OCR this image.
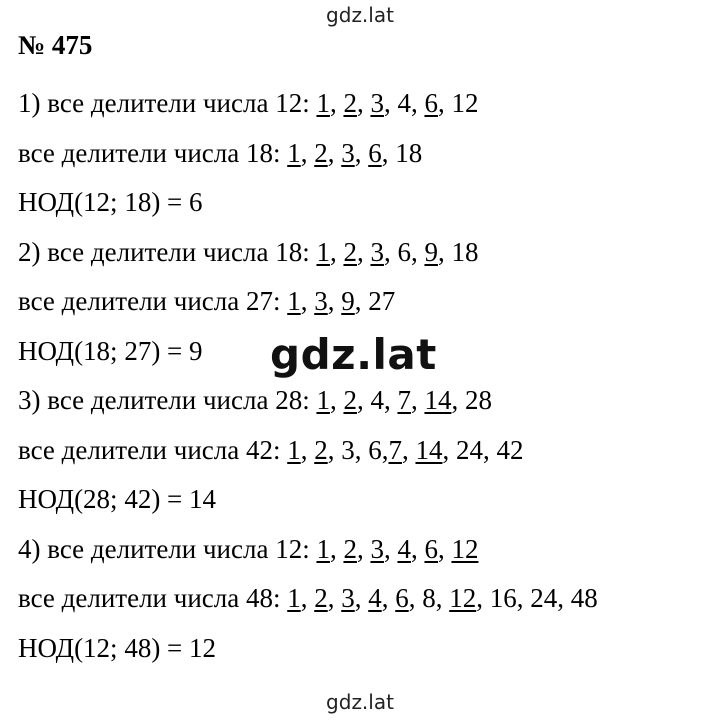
gdz.lat
№ 475
1) все делители числа 12: 1, 2, 3, 4, 6, 12
все делители числа 18: 1, 2, 3, 6, 18
НОД(12; 18) = 6
2) все делители числа 18: 1, 2, 3, 6, 9, 18
все делители числа 27: 1, 3, 9, 27
НОД(18; 27) = 9
3) все делители числа 28: 1, 2, 4, 7, 14, 28
все делители числа 42: 1, 2, 3, 6,7, 14, 24, 42
НОД(28; 42) = 14
4) все делители числа 12: 1, 2, 3, 4, 6, 12
все делители числа 48: 1, 2, 3, 4, 6, 8, 12, 16, 24, 48
НОД(12; 48) = 12
gdz.lat
gdz.lat
